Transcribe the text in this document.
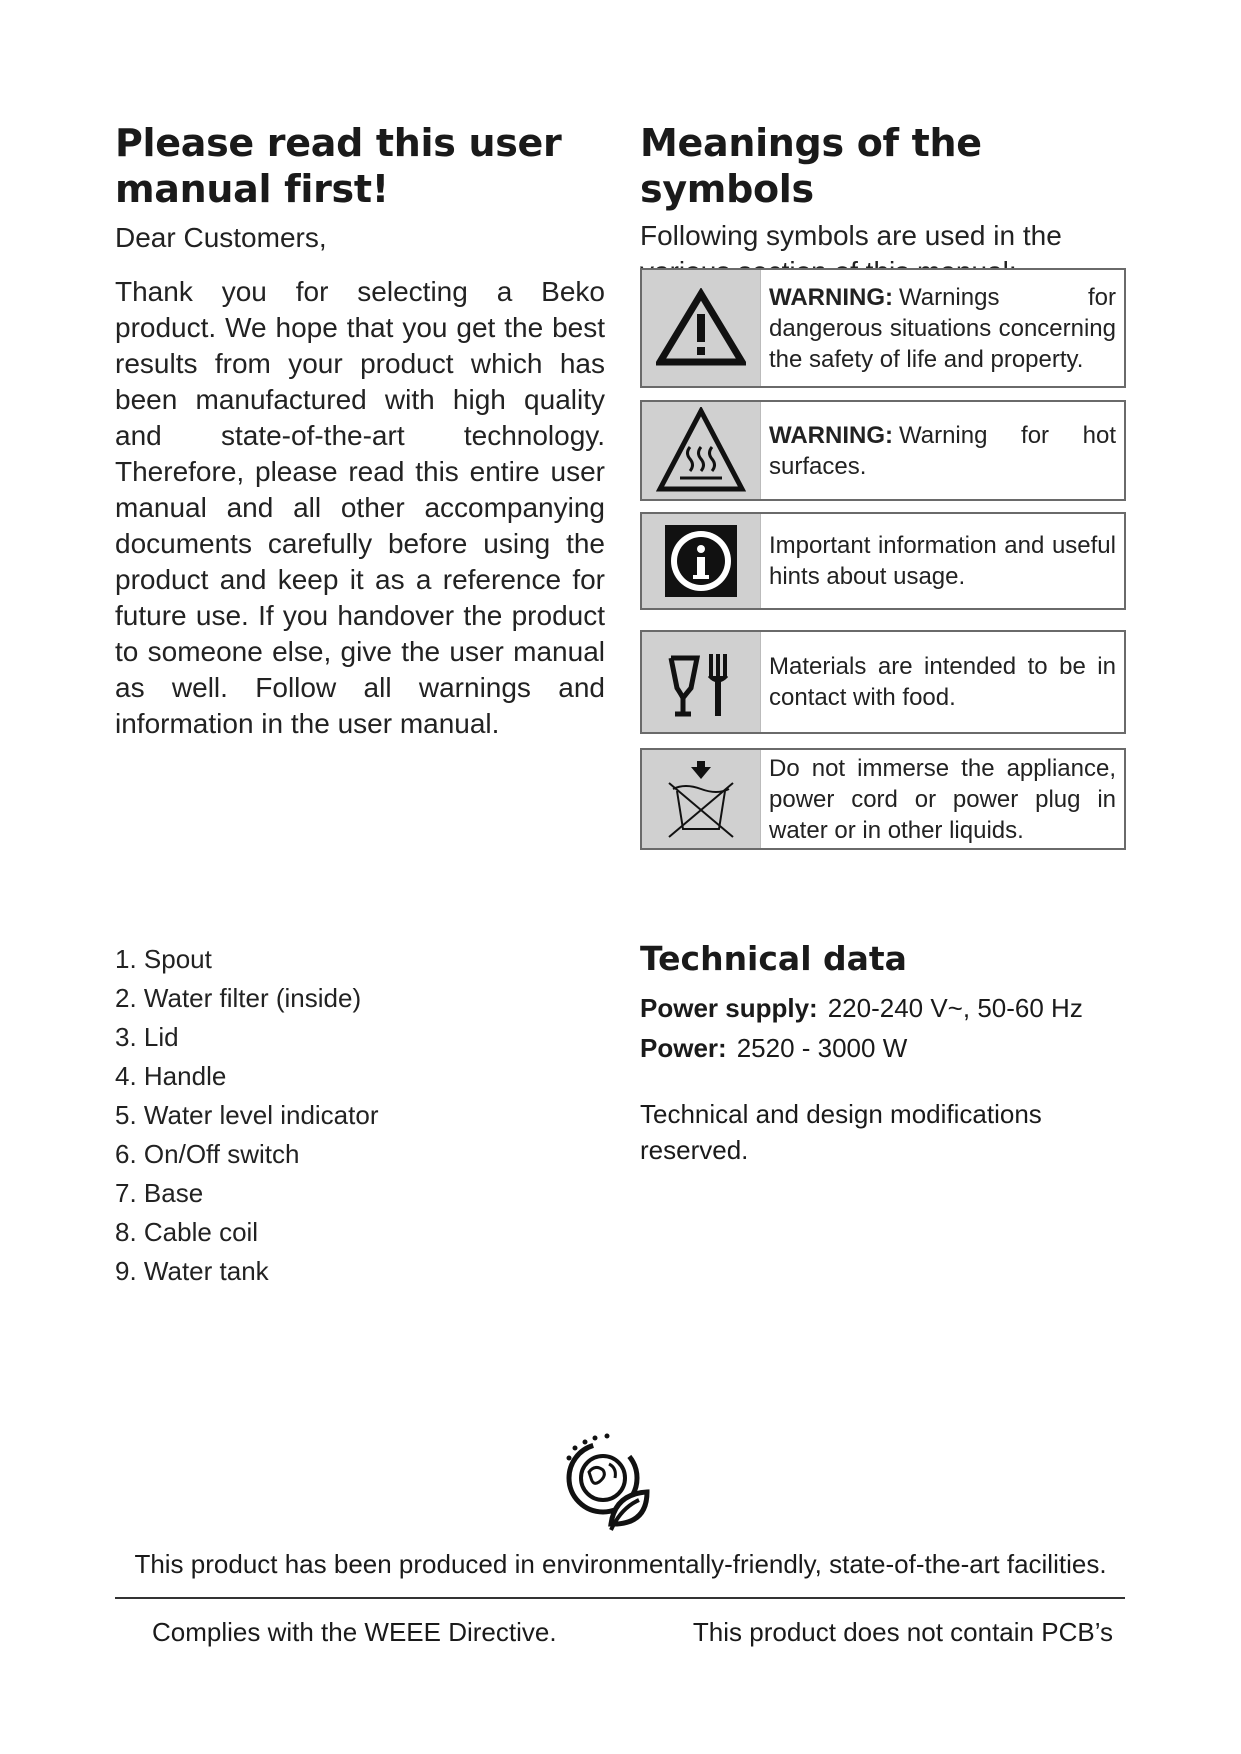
Please read this user manual first!
Dear Customers,

Thank you for selecting a Beko product. We hope that you get the best results from your product which has been manufactured with high quality and state-of-the-art technology. Therefore, please read this entire user manual and all other accompanying documents carefully before using the product and keep it as a reference for future use. If you handover the product to someone else, give the user manual as well. Follow all warnings and information in the user manual.

Meanings of the symbols

Following symbols are used in the

WARNING: Warnings for dangerous situations concerning the safety of life and property.
WARNING: Warning for hot surfaces.
Important information and useful hints about usage.
Materials are intended to be in contact with food.
Do not immerse the appliance, power cord or power plug in water or in other liquids.
1. Spout
2. Water filter (inside)
3. Lid
4. Handle
5. Water level indicator
6. On/Off switch
7. Base
8. Cable coil
9. Water tank
Technical data
Power supply: 220-240 V~, 50-60 Hz
Power: 2520 - 3000 W
Technical and design modifications reserved.
This product has been produced in environmentally-friendly, state-of-the-art facilities.
Complies with the WEEE Directive.	This product does not contain PCB’s
